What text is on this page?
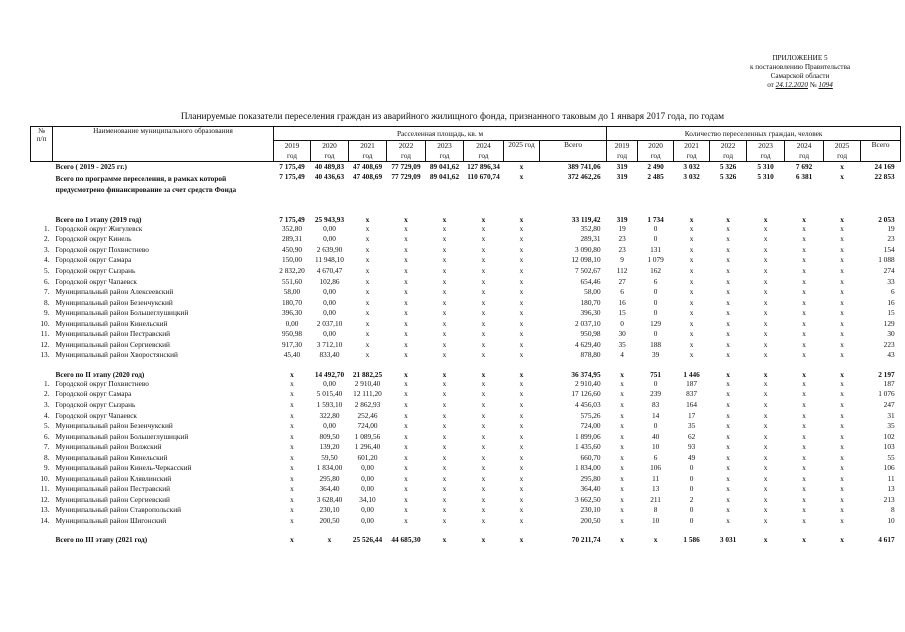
ПРИЛОЖЕНИЕ 5
к постановлению Правительства
Самарской области
от 24.12.2020 № 1094
Планируемые показатели переселения граждан из аварийного жилищного фонда, признанного таковым до 1 января 2017 года, по годам
№
п/п	Наименование муниципального образования	Расселенная площадь, кв. м								Количество переселенных граждан, человек							
		2019	2020	2021	2022	2023	2024	2025 год	Всего	2019	2020	2021	2022	2023	2024	2025	Всего
		год	год	год	год	год	год			год	год	год	год	год	год	год	
	Всего ( 2019 - 2025 гг.)	7 175,49	40 489,83	47 408,69	77 729,09	89 041,62	127 896,34	x	389 741,06	319	2 490	3 032	5 326	5 310	7 692	x	24 169
	Всего по программе переселения, в рамках которой предусмотрено финансирование за счет средств Фонда	7 175,49	40 436,63	47 408,69	77 729,09	89 041,62	110 670,74	x	372 462,26	319	2 485	3 032	5 326	5 310	6 381	x	22 853
	Всего по I этапу (2019 год)	7 175,49	25 943,93	x	x	x	x	x	33 119,42	319	1 734	x	x	x	x	x	2 053
1.	Городской округ Жигулевск	352,80	0,00	x	x	x	x	x	352,80	19	0	x	x	x	x	x	19
2.	Городской округ Кинель	289,31	0,00	x	x	x	x	x	289,31	23	0	x	x	x	x	x	23
3.	Городской округ Похвистнево	450,90	2 639,90	x	x	x	x	x	3 090,80	23	131	x	x	x	x	x	154
4.	Городской округ Самара	150,00	11 948,10	x	x	x	x	x	12 098,10	9	1 079	x	x	x	x	x	1 088
5.	Городской округ Сызрань	2 832,20	4 670,47	x	x	x	x	x	7 502,67	112	162	x	x	x	x	x	274
6.	Городской округ Чапаевск	551,60	102,86	x	x	x	x	x	654,46	27	6	x	x	x	x	x	33
7.	Муниципальный район Алексеевский	58,00	0,00	x	x	x	x	x	58,00	6	0	x	x	x	x	x	6
8.	Муниципальный район Безенчукский	180,70	0,00	x	x	x	x	x	180,70	16	0	x	x	x	x	x	16
9.	Муниципальный район Большеглушицкий	396,30	0,00	x	x	x	x	x	396,30	15	0	x	x	x	x	x	15
10.	Муниципальный район Кинельский	0,00	2 037,10	x	x	x	x	x	2 037,10	0	129	x	x	x	x	x	129
11.	Муниципальный район Пестравский	950,98	0,00	x	x	x	x	x	950,98	30	0	x	x	x	x	x	30
12.	Муниципальный район Сергиевский	917,30	3 712,10	x	x	x	x	x	4 629,40	35	188	x	x	x	x	x	223
13.	Муниципальный район Хворостянский	45,40	833,40	x	x	x	x	x	878,80	4	39	x	x	x	x	x	43
	Всего по II этапу (2020 год)	x	14 492,70	21 882,25	x	x	x	x	36 374,95	x	751	1 446	x	x	x	x	2 197
1.	Городской округ Похвистнево	x	0,00	2 910,40	x	x	x	x	2 910,40	x	0	187	x	x	x	x	187
2.	Городской округ Самара	x	5 015,40	12 111,20	x	x	x	x	17 126,60	x	239	837	x	x	x	x	1 076
3.	Городской округ Сызрань	x	1 593,10	2 862,93	x	x	x	x	4 456,03	x	83	164	x	x	x	x	247
4.	Городской округ Чапаевск	x	322,80	252,46	x	x	x	x	575,26	x	14	17	x	x	x	x	31
5.	Муниципальный район Безенчукский	x	0,00	724,00	x	x	x	x	724,00	x	0	35	x	x	x	x	35
6.	Муниципальный район Большеглушицкий	x	809,50	1 089,56	x	x	x	x	1 899,06	x	40	62	x	x	x	x	102
7.	Муниципальный район Волжский	x	139,20	1 296,40	x	x	x	x	1 435,60	x	10	93	x	x	x	x	103
8.	Муниципальный район Кинельский	x	59,50	601,20	x	x	x	x	660,70	x	6	49	x	x	x	x	55
9.	Муниципальный район Кинель-Черкасский	x	1 834,00	0,00	x	x	x	x	1 834,00	x	106	0	x	x	x	x	106
10.	Муниципальный район Клявлинский	x	295,80	0,00	x	x	x	x	295,80	x	11	0	x	x	x	x	11
11.	Муниципальный район Пестравский	x	364,40	0,00	x	x	x	x	364,40	x	13	0	x	x	x	x	13
12.	Муниципальный район Сергиевский	x	3 628,40	34,10	x	x	x	x	3 662,50	x	211	2	x	x	x	x	213
13.	Муниципальный район Ставропольский	x	230,10	0,00	x	x	x	x	230,10	x	8	0	x	x	x	x	8
14.	Муниципальный район Шигонский	x	200,50	0,00	x	x	x	x	200,50	x	10	0	x	x	x	x	10
	Всего по III этапу (2021 год)	x	x	25 526,44	44 685,30	x	x	x	70 211,74	x	x	1 586	3 031	x	x	x	4 617
